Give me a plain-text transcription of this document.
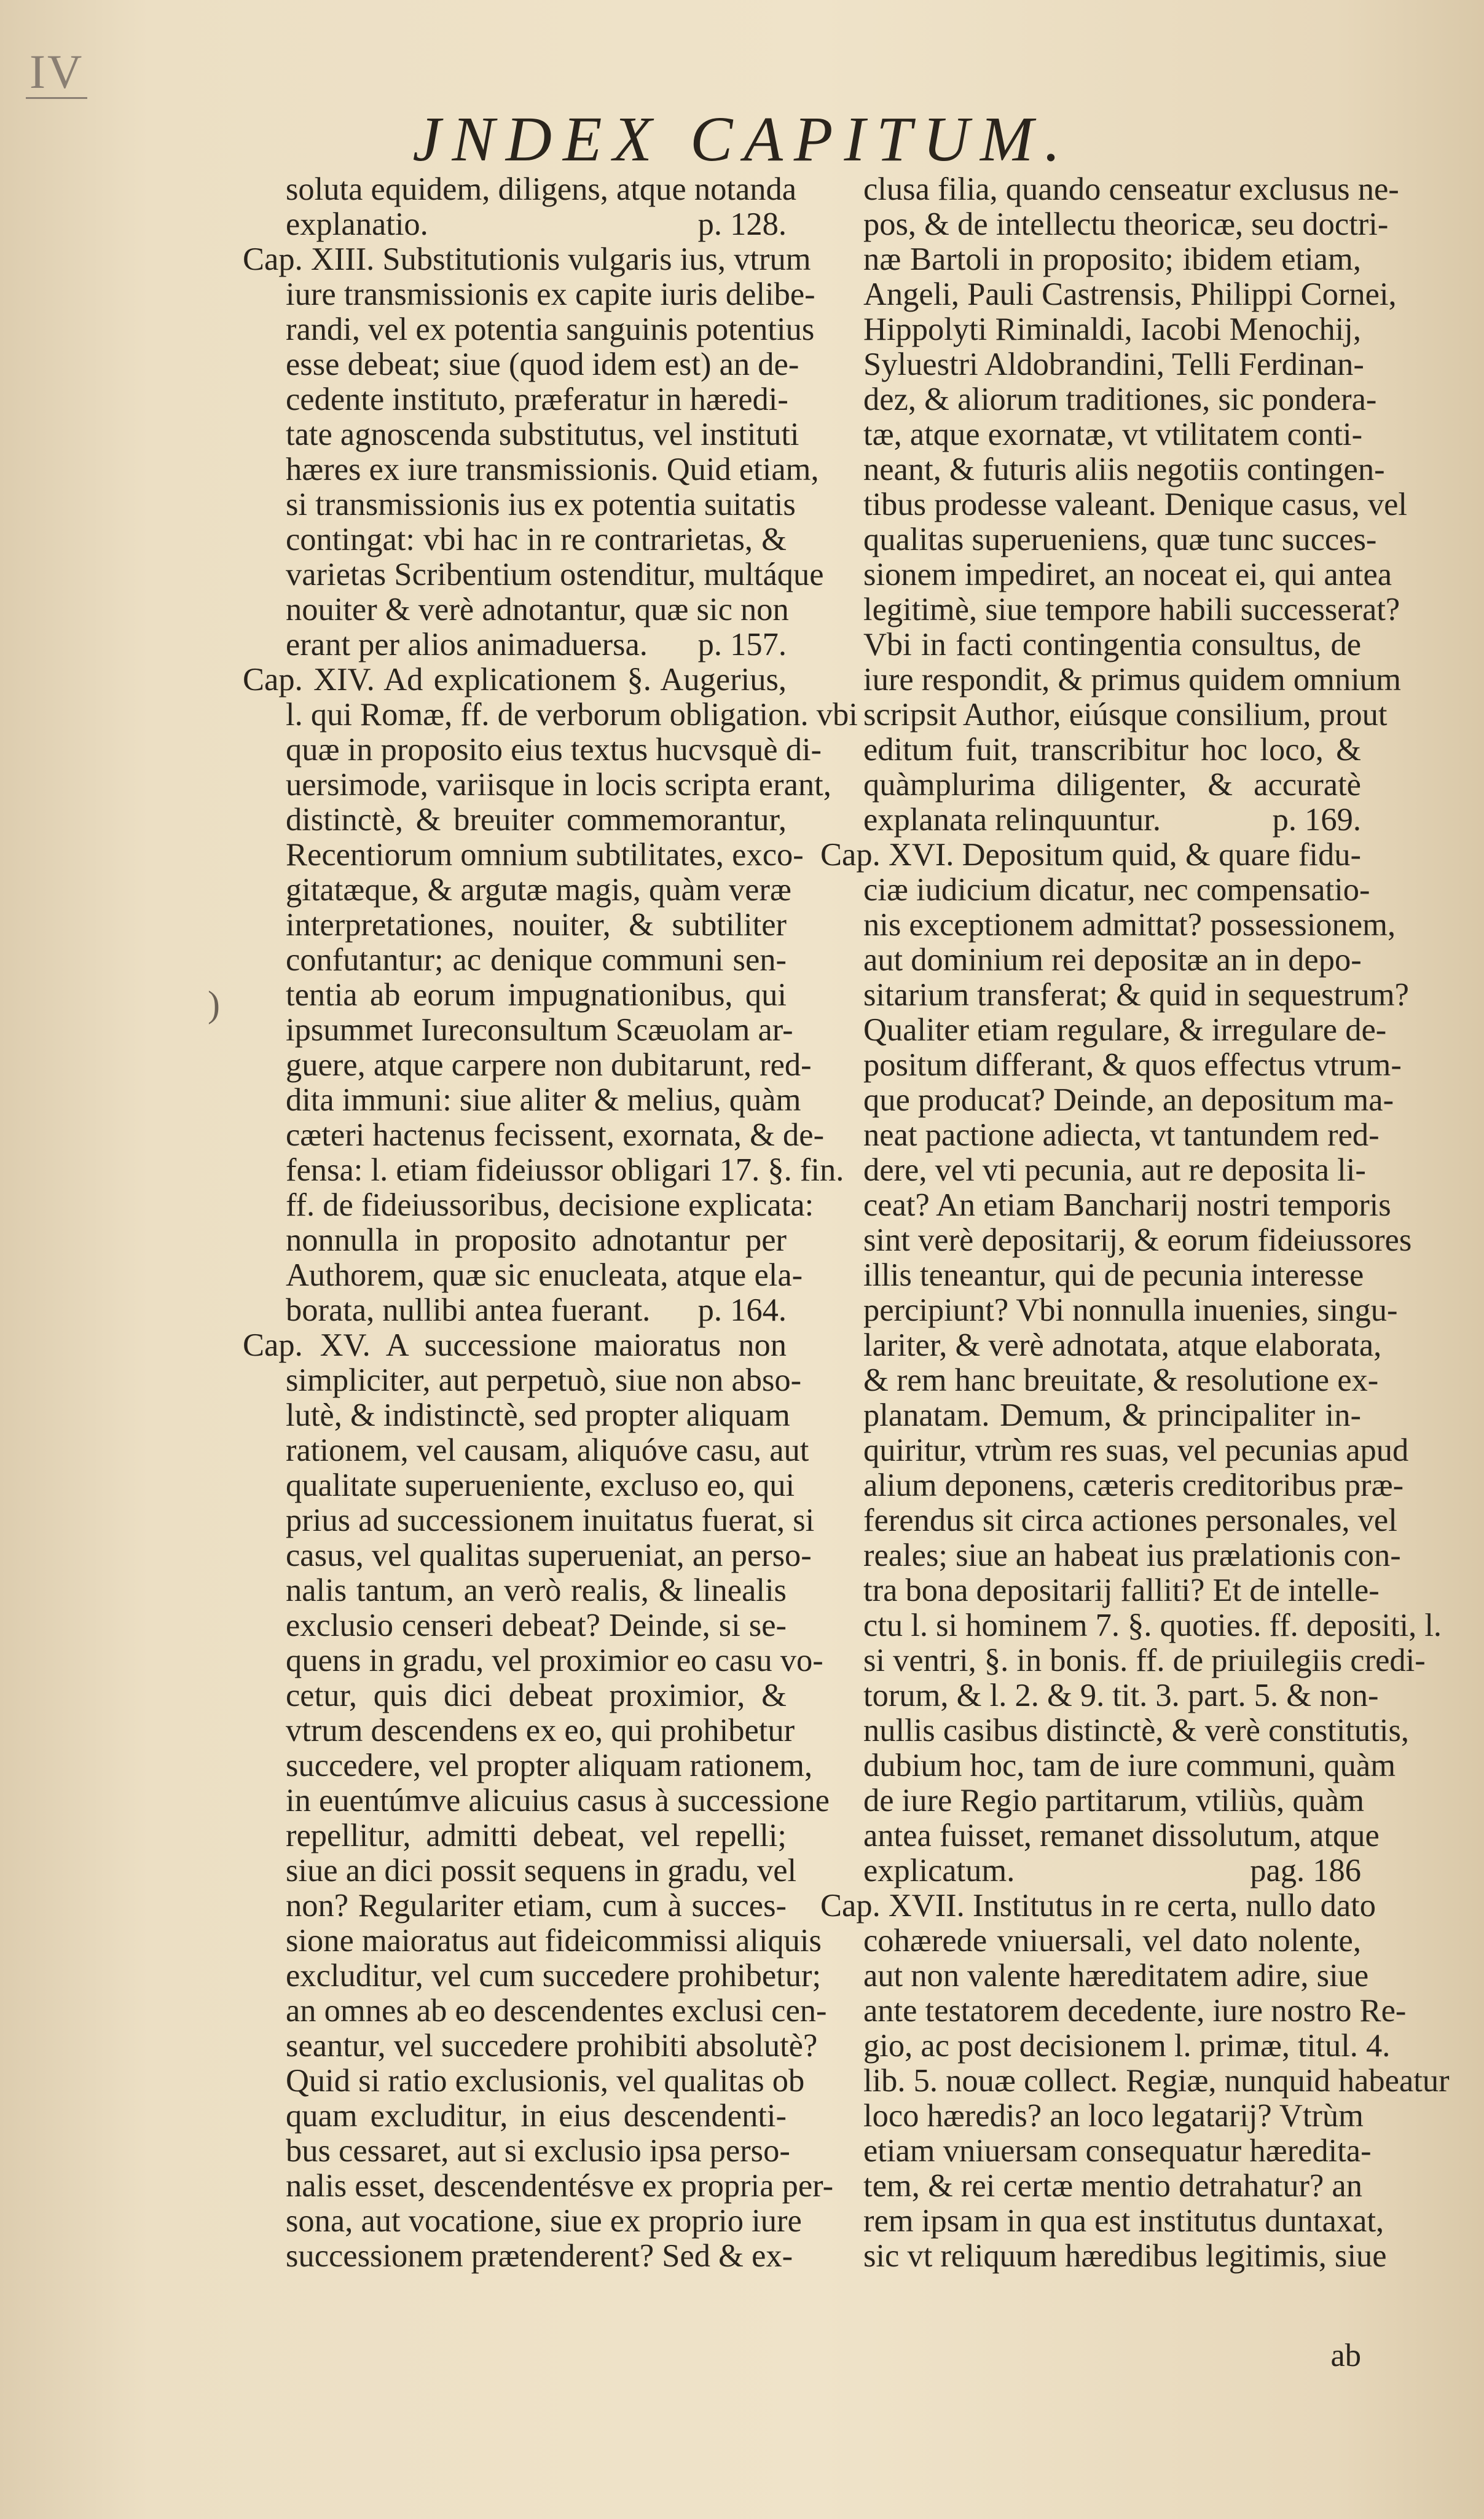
IV
JNDEX CAPITUM.
)
soluta equidem, diligens, atque notanda
explanatio.	p. 128.
Cap. XIII. Substitutionis vulgaris ius, vtrum
iure transmissionis ex capite iuris delibe-
randi, vel ex potentia sanguinis potentius
esse debeat; siue (quod idem est) an de-
cedente instituto, præferatur in hæredi-
tate agnoscenda substitutus, vel instituti
hæres ex iure transmissionis. Quid etiam,
si transmissionis ius ex potentia suitatis
contingat: vbi hac in re contrarietas, &
varietas Scribentium ostenditur, multáque
nouiter & verè adnotantur, quæ sic non
erant per alios animaduersa. p. 157.
Cap. XIV. Ad explicationem §. Augerius,
l. qui Romæ, ff. de verborum obligation. vbi
quæ in proposito eius textus hucvsquè di-
uersimode, variisque in locis scripta erant,
distinctè, & breuiter commemorantur,
Recentiorum omnium subtilitates, exco-
gitatæque, & argutæ magis, quàm veræ
interpretationes, nouiter, & subtiliter
confutantur; ac denique communi sen-
tentia ab eorum impugnationibus, qui
ipsummet Iureconsultum Scæuolam ar-
guere, atque carpere non dubitarunt, red-
dita immuni: siue aliter & melius, quàm
cæteri hactenus fecissent, exornata, & de-
fensa: l. etiam fideiussor obligari 17. §. fin.
ff. de fideiussoribus, decisione explicata:
nonnulla in proposito adnotantur per
Authorem, quæ sic enucleata, atque ela-
borata, nullibi antea fuerant. p. 164.
Cap. XV. A successione maioratus non
simpliciter, aut perpetuò, siue non abso-
lutè, & indistinctè, sed propter aliquam
rationem, vel causam, aliquóve casu, aut
qualitate superueniente, excluso eo, qui
prius ad successionem inuitatus fuerat, si
casus, vel qualitas superueniat, an perso-
nalis tantum, an verò realis, & linealis
exclusio censeri debeat? Deinde, si se-
quens in gradu, vel proximior eo casu vo-
cetur, quis dici debeat proximior, &
vtrum descendens ex eo, qui prohibetur
succedere, vel propter aliquam rationem,
in euentúmve alicuius casus à successione
repellitur, admitti debeat, vel repelli;
siue an dici possit sequens in gradu, vel
non? Regulariter etiam, cum à succes-
sione maioratus aut fideicommissi aliquis
excluditur, vel cum succedere prohibetur;
an omnes ab eo descendentes exclusi cen-
seantur, vel succedere prohibiti absolutè?
Quid si ratio exclusionis, vel qualitas ob
quam excluditur, in eius descendenti-
bus cessaret, aut si exclusio ipsa perso-
nalis esset, descendentésve ex propria per-
sona, aut vocatione, siue ex proprio iure
successionem prætenderent? Sed & ex-
clusa filia, quando censeatur exclusus ne-
pos, & de intellectu theoricæ, seu doctri-
næ Bartoli in proposito; ibidem etiam,
Angeli, Pauli Castrensis, Philippi Cornei,
Hippolyti Riminaldi, Iacobi Menochij,
Syluestri Aldobrandini, Telli Ferdinan-
dez, & aliorum traditiones, sic pondera-
tæ, atque exornatæ, vt vtilitatem conti-
neant, & futuris aliis negotiis contingen-
tibus prodesse valeant. Denique casus, vel
qualitas superueniens, quæ tunc succes-
sionem impediret, an noceat ei, qui antea
legitimè, siue tempore habili successerat?
Vbi in facti contingentia consultus, de
iure respondit, & primus quidem omnium
scripsit Author, eiúsque consilium, prout
editum fuit, transcribitur hoc loco, &
quàmplurima diligenter, & accuratè
explanata relinquuntur.	p. 169.
Cap. XVI. Depositum quid, & quare fidu-
ciæ iudicium dicatur, nec compensatio-
nis exceptionem admittat? possessionem,
aut dominium rei depositæ an in depo-
sitarium transferat; & quid in sequestrum?
Qualiter etiam regulare, & irregulare de-
positum differant, & quos effectus vtrum-
que producat? Deinde, an depositum ma-
neat pactione adiecta, vt tantundem red-
dere, vel vti pecunia, aut re deposita li-
ceat? An etiam Bancharij nostri temporis
sint verè depositarij, & eorum fideiussores
illis teneantur, qui de pecunia interesse
percipiunt? Vbi nonnulla inuenies, singu-
lariter, & verè adnotata, atque elaborata,
& rem hanc breuitate, & resolutione ex-
planatam. Demum, & principaliter in-
quiritur, vtrùm res suas, vel pecunias apud
alium deponens, cæteris creditoribus præ-
ferendus sit circa actiones personales, vel
reales; siue an habeat ius prælationis con-
tra bona depositarij falliti? Et de intelle-
ctu l. si hominem 7. §. quoties. ff. depositi, l.
si ventri, §. in bonis. ff. de priuilegiis credi-
torum, & l. 2. & 9. tit. 3. part. 5. & non-
nullis casibus distinctè, & verè constitutis,
dubium hoc, tam de iure communi, quàm
de iure Regio partitarum, vtiliùs, quàm
antea fuisset, remanet dissolutum, atque
explicatum.	pag. 186
Cap. XVII. Institutus in re certa, nullo dato
cohærede vniuersali, vel dato nolente,
aut non valente hæreditatem adire, siue
ante testatorem decedente, iure nostro Re-
gio, ac post decisionem l. primæ, titul. 4.
lib. 5. nouæ collect. Regiæ, nunquid habeatur
loco hæredis? an loco legatarij? Vtrùm
etiam vniuersam consequatur hæredita-
tem, & rei certæ mentio detrahatur? an
rem ipsam in qua est institutus duntaxat,
sic vt reliquum hæredibus legitimis, siue
ab
